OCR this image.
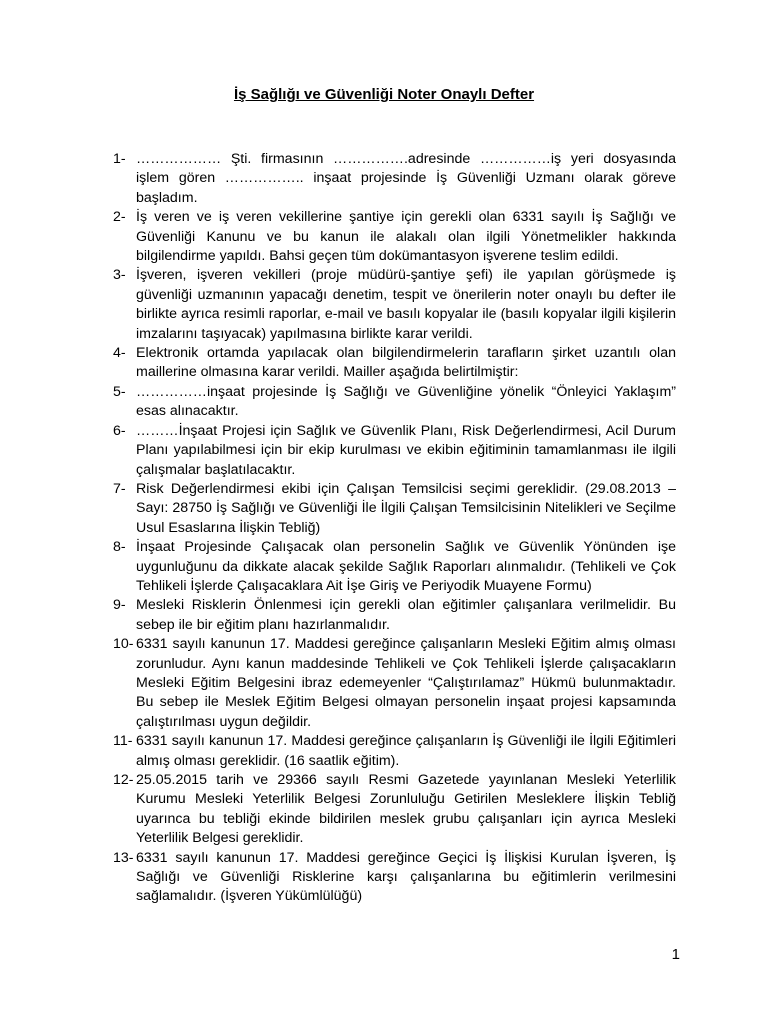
İş Sağlığı ve Güvenliği Noter Onaylı Defter
1- ……………… Şti. firmasının …………….adresinde ……………iş yeri dosyasında işlem gören …………….. inşaat projesinde İş Güvenliği Uzmanı olarak göreve başladım.
2- İş veren ve iş veren vekillerine şantiye için gerekli olan 6331 sayılı İş Sağlığı ve Güvenliği Kanunu ve bu kanun ile alakalı olan ilgili Yönetmelikler hakkında bilgilendirme yapıldı. Bahsi geçen tüm dokümantasyon işverene teslim edildi.
3- İşveren, işveren vekilleri (proje müdürü-şantiye şefi) ile yapılan görüşmede iş güvenliği uzmanının yapacağı denetim, tespit ve önerilerin noter onaylı bu defter ile birlikte ayrıca resimli raporlar, e-mail ve basılı kopyalar ile (basılı kopyalar ilgili kişilerin imzalarını taşıyacak) yapılmasına birlikte karar verildi.
4- Elektronik ortamda yapılacak olan bilgilendirmelerin tarafların şirket uzantılı olan maillerine olmasına karar verildi. Mailler aşağıda belirtilmiştir:
5- ……………inşaat projesinde İş Sağlığı ve Güvenliğine yönelik “Önleyici Yaklaşım” esas alınacaktır.
6- ………İnşaat Projesi için Sağlık ve Güvenlik Planı, Risk Değerlendirmesi, Acil Durum Planı yapılabilmesi için bir ekip kurulması ve ekibin eğitiminin tamamlanması ile ilgili çalışmalar başlatılacaktır.
7- Risk Değerlendirmesi ekibi için Çalışan Temsilcisi seçimi gereklidir. (29.08.2013 – Sayı: 28750 İş Sağlığı ve Güvenliği İle İlgili Çalışan Temsilcisinin Nitelikleri ve Seçilme Usul Esaslarına İlişkin Tebliğ)
8- İnşaat Projesinde Çalışacak olan personelin Sağlık ve Güvenlik Yönünden işe uygunluğunu da dikkate alacak şekilde Sağlık Raporları alınmalıdır. (Tehlikeli ve Çok Tehlikeli İşlerde Çalışacaklara Ait İşe Giriş ve Periyodik Muayene Formu)
9- Mesleki Risklerin Önlenmesi için gerekli olan eğitimler çalışanlara verilmelidir. Bu sebep ile bir eğitim planı hazırlanmalıdır.
10- 6331 sayılı kanunun 17. Maddesi gereğince çalışanların Mesleki Eğitim almış olması zorunludur. Aynı kanun maddesinde Tehlikeli ve Çok Tehlikeli İşlerde çalışacakların Mesleki Eğitim Belgesini ibraz edemeyenler “Çalıştırılamaz” Hükmü bulunmaktadır. Bu sebep ile Meslek Eğitim Belgesi olmayan personelin inşaat projesi kapsamında çalıştırılması uygun değildir.
11- 6331 sayılı kanunun 17. Maddesi gereğince çalışanların İş Güvenliği ile İlgili Eğitimleri almış olması gereklidir. (16 saatlik eğitim).
12- 25.05.2015 tarih ve 29366 sayılı Resmi Gazetede yayınlanan Mesleki Yeterlilik Kurumu Mesleki Yeterlilik Belgesi Zorunluluğu Getirilen Mesleklere İlişkin Tebliğ uyarınca bu tebliği ekinde bildirilen meslek grubu çalışanları için ayrıca Mesleki Yeterlilik Belgesi gereklidir.
13- 6331 sayılı kanunun 17. Maddesi gereğince Geçici İş İlişkisi Kurulan İşveren, İş Sağlığı ve Güvenliği Risklerine karşı çalışanlarına bu eğitimlerin verilmesini sağlamalıdır. (İşveren Yükümlülüğü)
1
